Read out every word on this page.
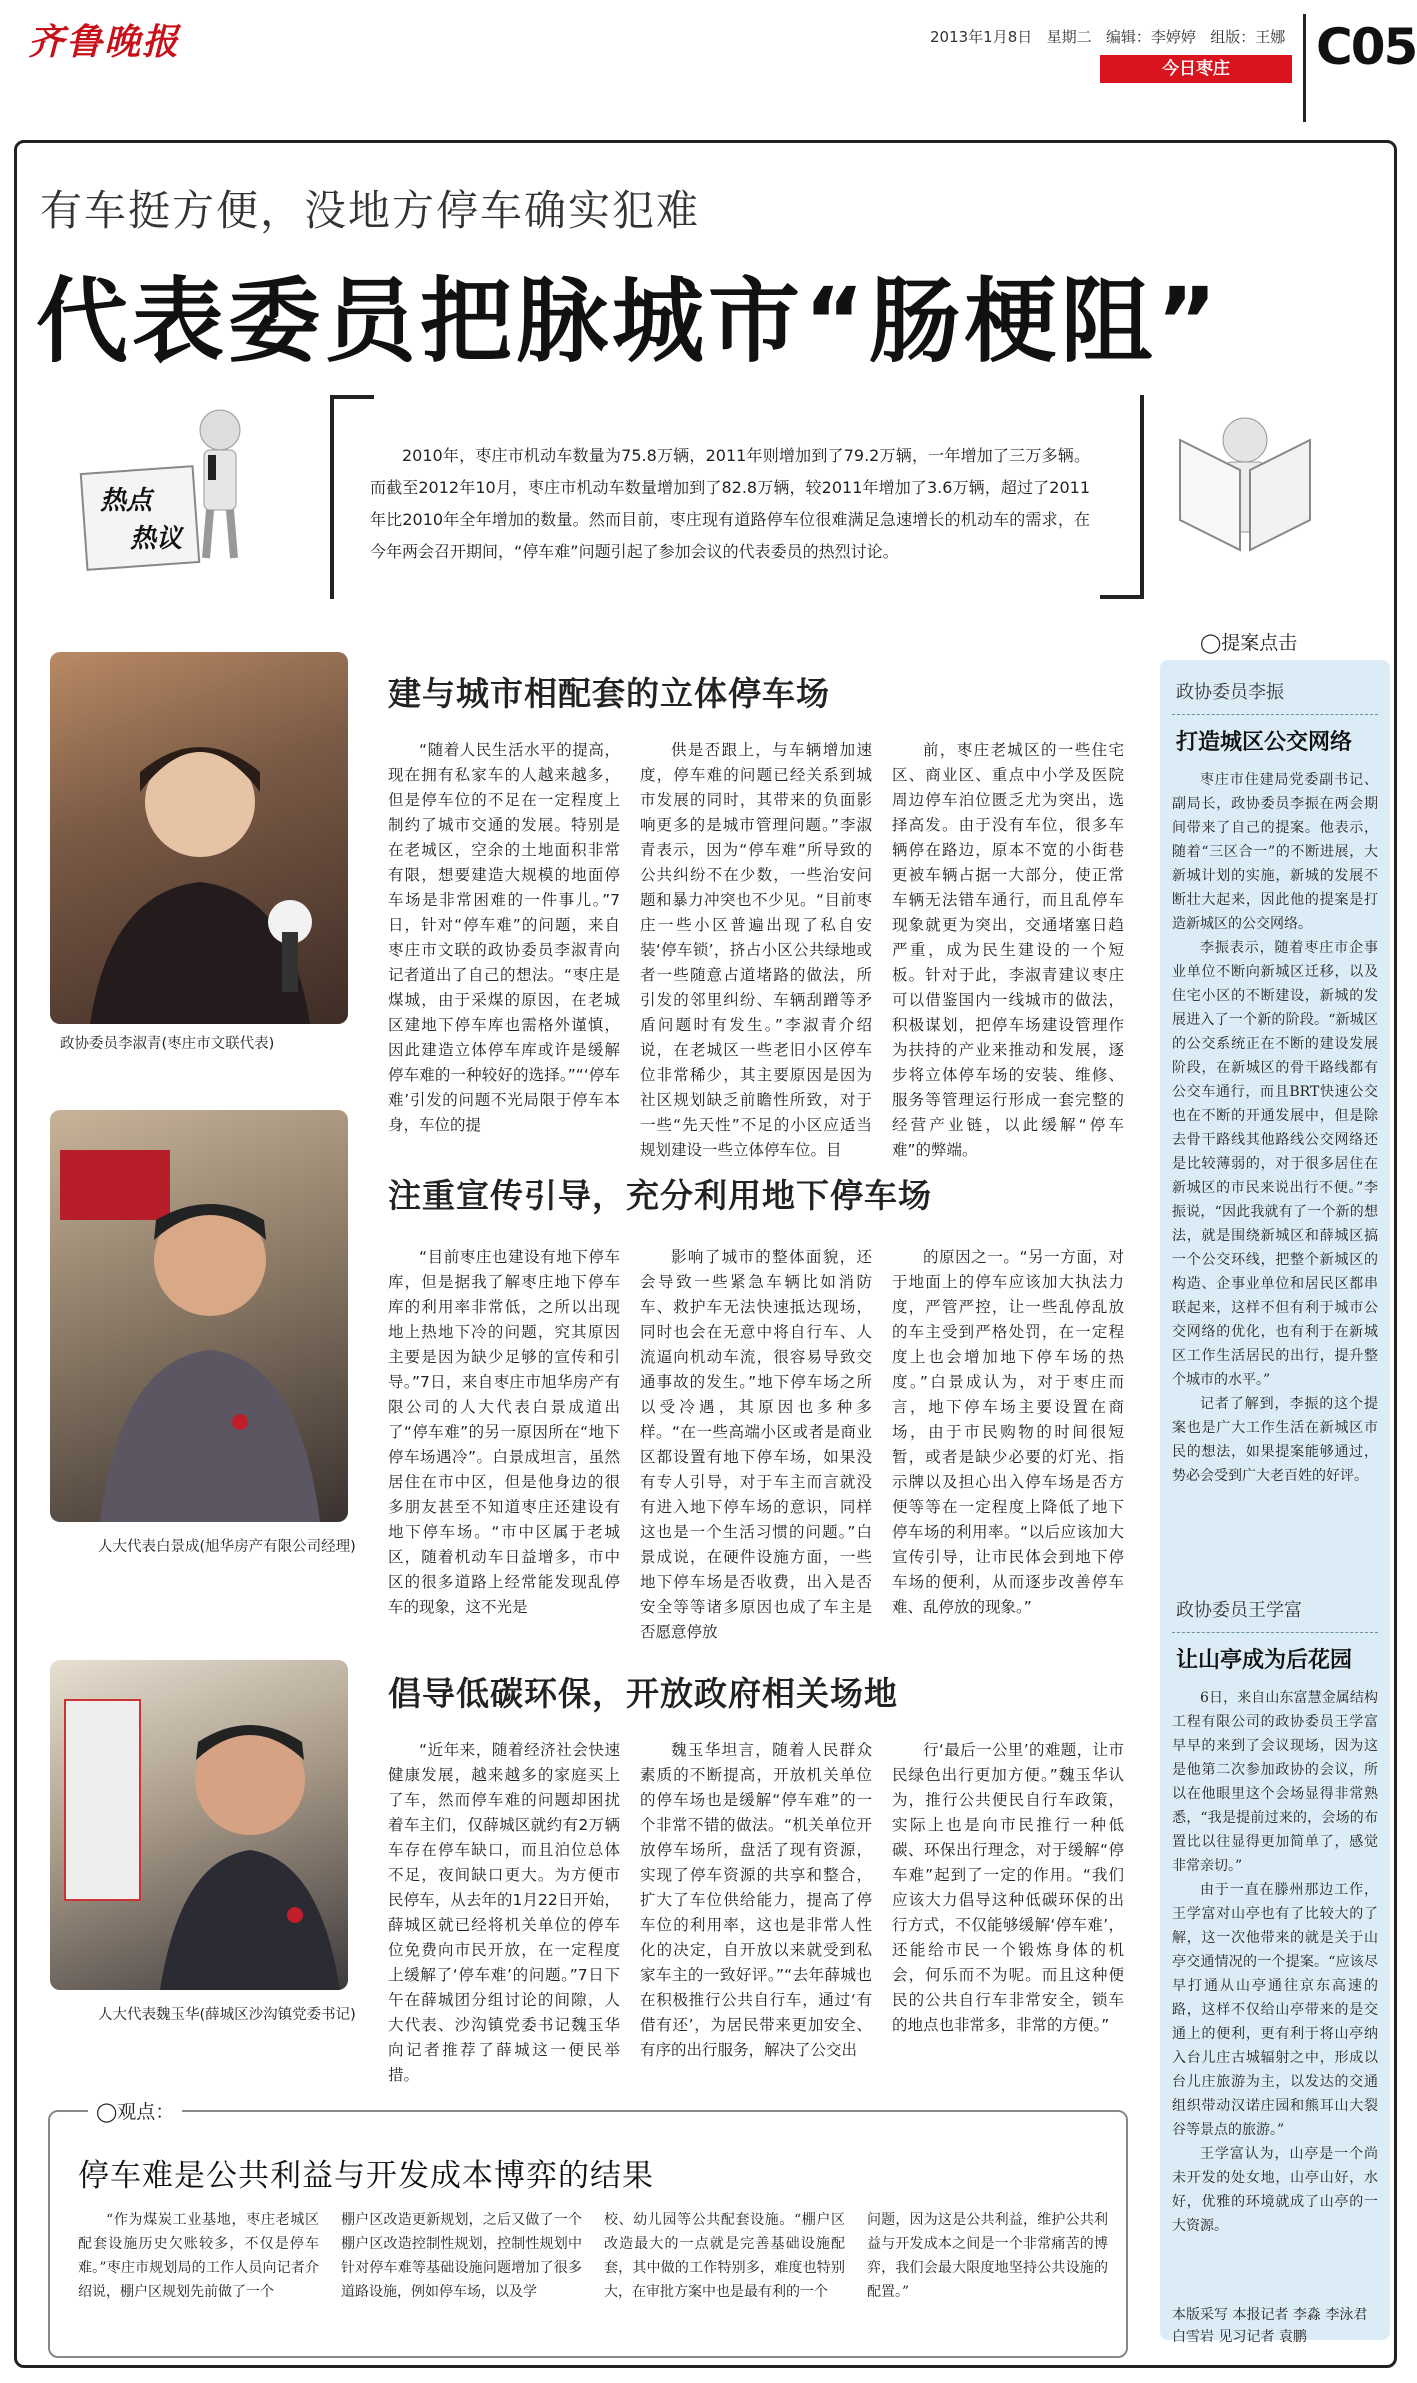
齐鲁晚报	2013年1月8日 星期二 编辑：李婷婷 组版：王娜
今日枣庄	C05
有车挺方便，没地方停车确实犯难
代表委员把脉城市“肠梗阻”
热点
热议
2010年，枣庄市机动车数量为75.8万辆，2011年则增加到了79.2万辆，一年增加了三万多辆。而截至2012年10月，枣庄市机动车数量增加到了82.8万辆，较2011年增加了3.6万辆，超过了2011年比2010年全年增加的数量。然而目前，枣庄现有道路停车位很难满足急速增长的机动车的需求，在今年两会召开期间，“停车难”问题引起了参加会议的代表委员的热烈讨论。
◯提案点击
政协委员李淑青(枣庄市文联代表)
建与城市相配套的立体停车场
“随着人民生活水平的提高，现在拥有私家车的人越来越多，但是停车位的不足在一定程度上制约了城市交通的发展。特别是在老城区，空余的土地面积非常有限，想要建造大规模的地面停车场是非常困难的一件事儿。”7日，针对“停车难”的问题，来自枣庄市文联的政协委员李淑青向记者道出了自己的想法。“枣庄是煤城，由于采煤的原因，在老城区建地下停车库也需格外谨慎，因此建造立体停车库或许是缓解停车难的一种较好的选择。”“‘停车难’引发的问题不光局限于停车本身，车位的提
供是否跟上，与车辆增加速度，停车难的问题已经关系到城市发展的同时，其带来的负面影响更多的是城市管理问题。”李淑青表示，因为“停车难”所导致的公共纠纷不在少数，一些治安问题和暴力冲突也不少见。“目前枣庄一些小区普遍出现了私自安装‘停车锁’，挤占小区公共绿地或者一些随意占道堵路的做法，所引发的邻里纠纷、车辆刮蹭等矛盾问题时有发生。”李淑青介绍说，在老城区一些老旧小区停车位非常稀少，其主要原因是因为社区规划缺乏前瞻性所致，对于一些“先天性”不足的小区应适当规划建设一些立体停车位。目
前，枣庄老城区的一些住宅区、商业区、重点中小学及医院周边停车泊位匮乏尤为突出，选择高发。由于没有车位，很多车辆停在路边，原本不宽的小街巷更被车辆占据一大部分，使正常车辆无法错车通行，而且乱停车现象就更为突出，交通堵塞日趋严重，成为民生建设的一个短板。针对于此，李淑青建议枣庄可以借鉴国内一线城市的做法，积极谋划，把停车场建设管理作为扶持的产业来推动和发展，逐步将立体停车场的安装、维修、服务等管理运行形成一套完整的经营产业链，以此缓解“停车难”的弊端。
人大代表白景成(旭华房产有限公司经理)
注重宣传引导，充分利用地下停车场
“目前枣庄也建设有地下停车库，但是据我了解枣庄地下停车库的利用率非常低，之所以出现地上热地下冷的问题，究其原因主要是因为缺少足够的宣传和引导。”7日，来自枣庄市旭华房产有限公司的人大代表白景成道出了“停车难”的另一原因所在“地下停车场遇冷”。白景成坦言，虽然居住在市中区，但是他身边的很多朋友甚至不知道枣庄还建设有地下停车场。“市中区属于老城区，随着机动车日益增多，市中区的很多道路上经常能发现乱停车的现象，这不光是
影响了城市的整体面貌，还会导致一些紧急车辆比如消防车、救护车无法快速抵达现场，同时也会在无意中将自行车、人流逼向机动车流，很容易导致交通事故的发生。”地下停车场之所以受冷遇，其原因也多种多样。“在一些高端小区或者是商业区都设置有地下停车场，如果没有专人引导，对于车主而言就没有进入地下停车场的意识，同样这也是一个生活习惯的问题。”白景成说，在硬件设施方面，一些地下停车场是否收费，出入是否安全等等诸多原因也成了车主是否愿意停放
的原因之一。“另一方面，对于地面上的停车应该加大执法力度，严管严控，让一些乱停乱放的车主受到严格处罚，在一定程度上也会增加地下停车场的热度。”白景成认为，对于枣庄而言，地下停车场主要设置在商场，由于市民购物的时间很短暂，或者是缺少必要的灯光、指示牌以及担心出入停车场是否方便等等在一定程度上降低了地下停车场的利用率。“以后应该加大宣传引导，让市民体会到地下停车场的便利，从而逐步改善停车难、乱停放的现象。”
人大代表魏玉华(薛城区沙沟镇党委书记)
倡导低碳环保，开放政府相关场地
“近年来，随着经济社会快速健康发展，越来越多的家庭买上了车，然而停车难的问题却困扰着车主们，仅薛城区就约有2万辆车存在停车缺口，而且泊位总体不足，夜间缺口更大。为方便市民停车，从去年的1月22日开始，薛城区就已经将机关单位的停车位免费向市民开放，在一定程度上缓解了‘停车难’的问题。”7日下午在薛城团分组讨论的间隙，人大代表、沙沟镇党委书记魏玉华向记者推荐了薛城这一便民举措。
魏玉华坦言，随着人民群众素质的不断提高，开放机关单位的停车场也是缓解“停车难”的一个非常不错的做法。“机关单位开放停车场所，盘活了现有资源，实现了停车资源的共享和整合，扩大了车位供给能力，提高了停车位的利用率，这也是非常人性化的决定，自开放以来就受到私家车主的一致好评。”“去年薛城也在积极推行公共自行车，通过‘有借有还’，为居民带来更加安全、有序的出行服务，解决了公交出
行‘最后一公里’的难题，让市民绿色出行更加方便。”魏玉华认为，推行公共便民自行车政策，实际上也是向市民推行一种低碳、环保出行理念，对于缓解“停车难”起到了一定的作用。“我们应该大力倡导这种低碳环保的出行方式，不仅能够缓解‘停车难’，还能给市民一个锻炼身体的机会，何乐而不为呢。而且这种便民的公共自行车非常安全，锁车的地点也非常多，非常的方便。”
政协委员李振
打造城区公交网络

枣庄市住建局党委副书记、副局长，政协委员李振在两会期间带来了自己的提案。他表示，随着“三区合一”的不断进展，大新城计划的实施，新城的发展不断壮大起来，因此他的提案是打造新城区的公交网络。

李振表示，随着枣庄市企事业单位不断向新城区迁移，以及住宅小区的不断建设，新城的发展进入了一个新的阶段。“新城区的公交系统正在不断的建设发展阶段，在新城区的骨干路线都有公交车通行，而且BRT快速公交也在不断的开通发展中，但是除去骨干路线其他路线公交网络还是比较薄弱的，对于很多居住在新城区的市民来说出行不便。”李振说，“因此我就有了一个新的想法，就是围绕新城区和薛城区搞一个公交环线，把整个新城区的构造、企事业单位和居民区都串联起来，这样不但有利于城市公交网络的优化，也有利于在新城区工作生活居民的出行，提升整个城市的水平。”

记者了解到，李振的这个提案也是广大工作生活在新城区市民的想法，如果提案能够通过，势必会受到广大老百姓的好评。

政协委员王学富
让山亭成为后花园

6日，来自山东富慧金属结构工程有限公司的政协委员王学富早早的来到了会议现场，因为这是他第二次参加政协的会议，所以在他眼里这个会场显得非常熟悉，“我是提前过来的，会场的布置比以往显得更加简单了，感觉非常亲切。”

由于一直在滕州那边工作，王学富对山亭也有了比较大的了解，这一次他带来的就是关于山亭交通情况的一个提案。“应该尽早打通从山亭通往京东高速的路，这样不仅给山亭带来的是交通上的便利，更有利于将山亭纳入台儿庄古城辐射之中，形成以台儿庄旅游为主，以发达的交通组织带动汉诺庄园和熊耳山大裂谷等景点的旅游。”

王学富认为，山亭是一个尚未开发的处女地，山亭山好，水好，优雅的环境就成了山亭的一大资源。

本版采写 本报记者 李淼 李泳君 白雪岩 见习记者 袁鹏
◯观点：
停车难是公共利益与开发成本博弈的结果
“作为煤炭工业基地，枣庄老城区配套设施历史欠账较多，不仅是停车难。”枣庄市规划局的工作人员向记者介绍说，棚户区规划先前做了一个
棚户区改造更新规划，之后又做了一个棚户区改造控制性规划，控制性规划中针对停车难等基础设施问题增加了很多道路设施，例如停车场，以及学
校、幼儿园等公共配套设施。“棚户区改造最大的一点就是完善基础设施配套，其中做的工作特别多，难度也特别大，在审批方案中也是最有利的一个
问题，因为这是公共利益，维护公共利益与开发成本之间是一个非常痛苦的博弈，我们会最大限度地坚持公共设施的配置。”
